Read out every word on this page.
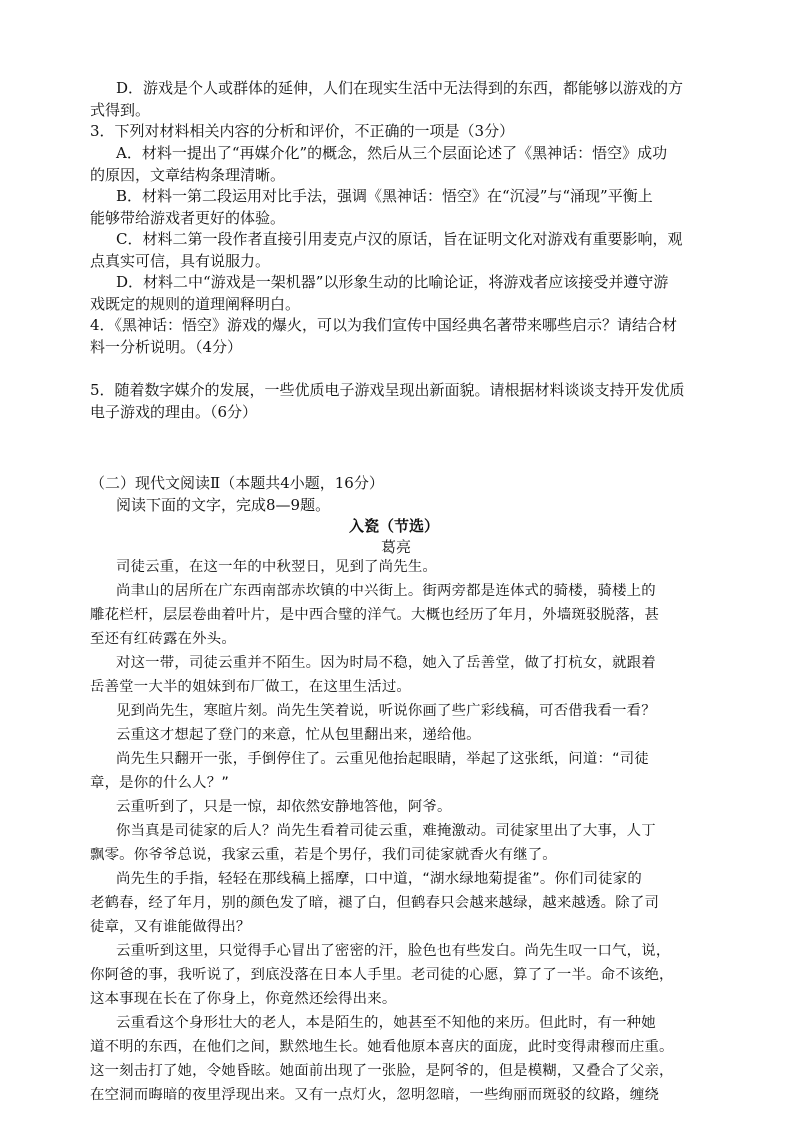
D．游戏是个人或群体的延伸，人们在现实生活中无法得到的东西，都能够以游戏的方
式得到。
3．下列对材料相关内容的分析和评价，不正确的一项是（3分）
A．材料一提出了“再媒介化”的概念，然后从三个层面论述了《黑神话：悟空》成功
的原因，文章结构条理清晰。
B．材料一第二段运用对比手法，强调《黑神话：悟空》在“沉浸”与“涌现”平衡上
能够带给游戏者更好的体验。
C．材料二第一段作者直接引用麦克卢汉的原话，旨在证明文化对游戏有重要影响，观
点真实可信，具有说服力。
D．材料二中“游戏是一架机器”以形象生动的比喻论证，将游戏者应该接受并遵守游
戏既定的规则的道理阐释明白。
4．《黑神话：悟空》游戏的爆火，可以为我们宣传中国经典名著带来哪些启示？请结合材
料一分析说明。（4分）
5．随着数字媒介的发展，一些优质电子游戏呈现出新面貌。请根据材料谈谈支持开发优质
电子游戏的理由。（6分）
（二）现代文阅读Ⅱ（本题共4小题，16分）
阅读下面的文字，完成8—9题。
入瓷（节选）
葛亮
司徒云重，在这一年的中秋翌日，见到了尚先生。
尚聿山的居所在广东西南部赤坎镇的中兴街上。街两旁都是连体式的骑楼，骑楼上的
雕花栏杆，层层卷曲着叶片，是中西合璧的洋气。大概也经历了年月，外墙斑驳脱落，甚
至还有红砖露在外头。
对这一带，司徒云重并不陌生。因为时局不稳，她入了岳善堂，做了打杭女，就跟着
岳善堂一大半的姐妹到布厂做工，在这里生活过。
见到尚先生，寒暄片刻。尚先生笑着说，听说你画了些广彩线稿，可否借我看一看？
云重这才想起了登门的来意，忙从包里翻出来，递给他。
尚先生只翻开一张，手倒停住了。云重见他抬起眼睛，举起了这张纸，问道：“司徒
章，是你的什么人？”
云重听到了，只是一惊，却依然安静地答他，阿爷。
你当真是司徒家的后人？尚先生看着司徒云重，难掩激动。司徒家里出了大事，人丁
飘零。你爷爷总说，我家云重，若是个男仔，我们司徒家就香火有继了。
尚先生的手指，轻轻在那线稿上摇摩，口中道，“湖水绿地菊提雀”。你们司徒家的
老鹤春，经了年月，别的颜色发了暗，褪了白，但鹤春只会越来越绿，越来越透。除了司
徒章，又有谁能做得出？
云重听到这里，只觉得手心冒出了密密的汗，脸色也有些发白。尚先生叹一口气，说，
你阿爸的事，我听说了，到底没落在日本人手里。老司徒的心愿，算了了一半。命不该绝，
这本事现在长在了你身上，你竟然还绘得出来。
云重看这个身形壮大的老人，本是陌生的，她甚至不知他的来历。但此时，有一种她
道不明的东西，在他们之间，默然地生长。她看他原本喜庆的面庞，此时变得肃穆而庄重。
这一刻击打了她，令她昏眩。她面前出现了一张脸，是阿爷的，但是模糊，又叠合了父亲，
在空洞而晦暗的夜里浮现出来。又有一点灯火，忽明忽暗，一些绚丽而斑驳的纹路，缠绕
